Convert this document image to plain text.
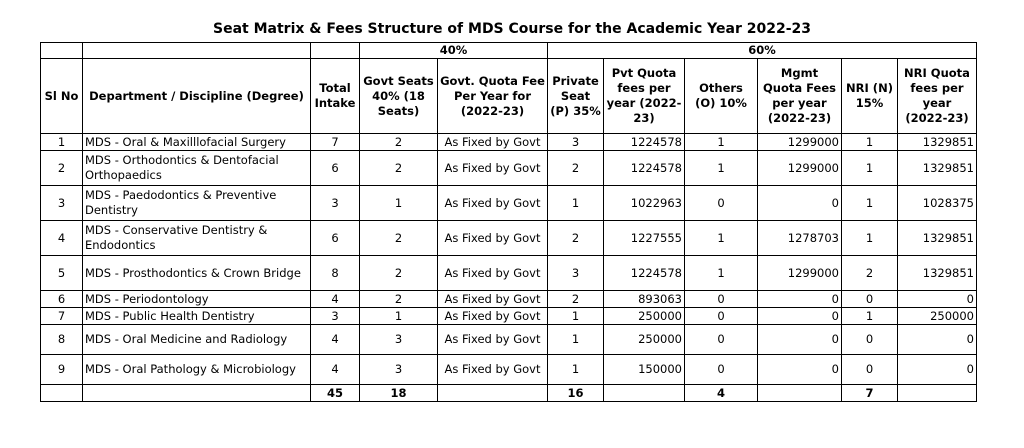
Seat Matrix & Fees Structure of MDS Course for the Academic Year 2022-23
			40%		60%					
Sl No	Department / Discipline (Degree)	Total Intake	Govt Seats 40% (18 Seats)	Govt. Quota Fee Per Year for (2022-23)	Private Seat (P) 35%	Pvt Quota fees per year (2022-23)	Others (O) 10%	Mgmt Quota Fees per year (2022-23)	NRI (N) 15%	NRI Quota fees per year (2022-23)
1	MDS - Oral & Maxilllofacial Surgery	7	2	As Fixed by Govt	3	1224578	1	1299000	1	1329851
2	MDS - Orthodontics & Dentofacial Orthopaedics	6	2	As Fixed by Govt	2	1224578	1	1299000	1	1329851
3	MDS - Paedodontics & Preventive Dentistry	3	1	As Fixed by Govt	1	1022963	0	0	1	1028375
4	MDS - Conservative Dentistry & Endodontics	6	2	As Fixed by Govt	2	1227555	1	1278703	1	1329851
5	MDS - Prosthodontics & Crown Bridge	8	2	As Fixed by Govt	3	1224578	1	1299000	2	1329851
6	MDS - Periodontology	4	2	As Fixed by Govt	2	893063	0	0	0	0
7	MDS - Public Health Dentistry	3	1	As Fixed by Govt	1	250000	0	0	1	250000
8	MDS - Oral Medicine and Radiology	4	3	As Fixed by Govt	1	250000	0	0	0	0
9	MDS - Oral Pathology & Microbiology	4	3	As Fixed by Govt	1	150000	0	0	0	0
		45	18		16		4		7	
